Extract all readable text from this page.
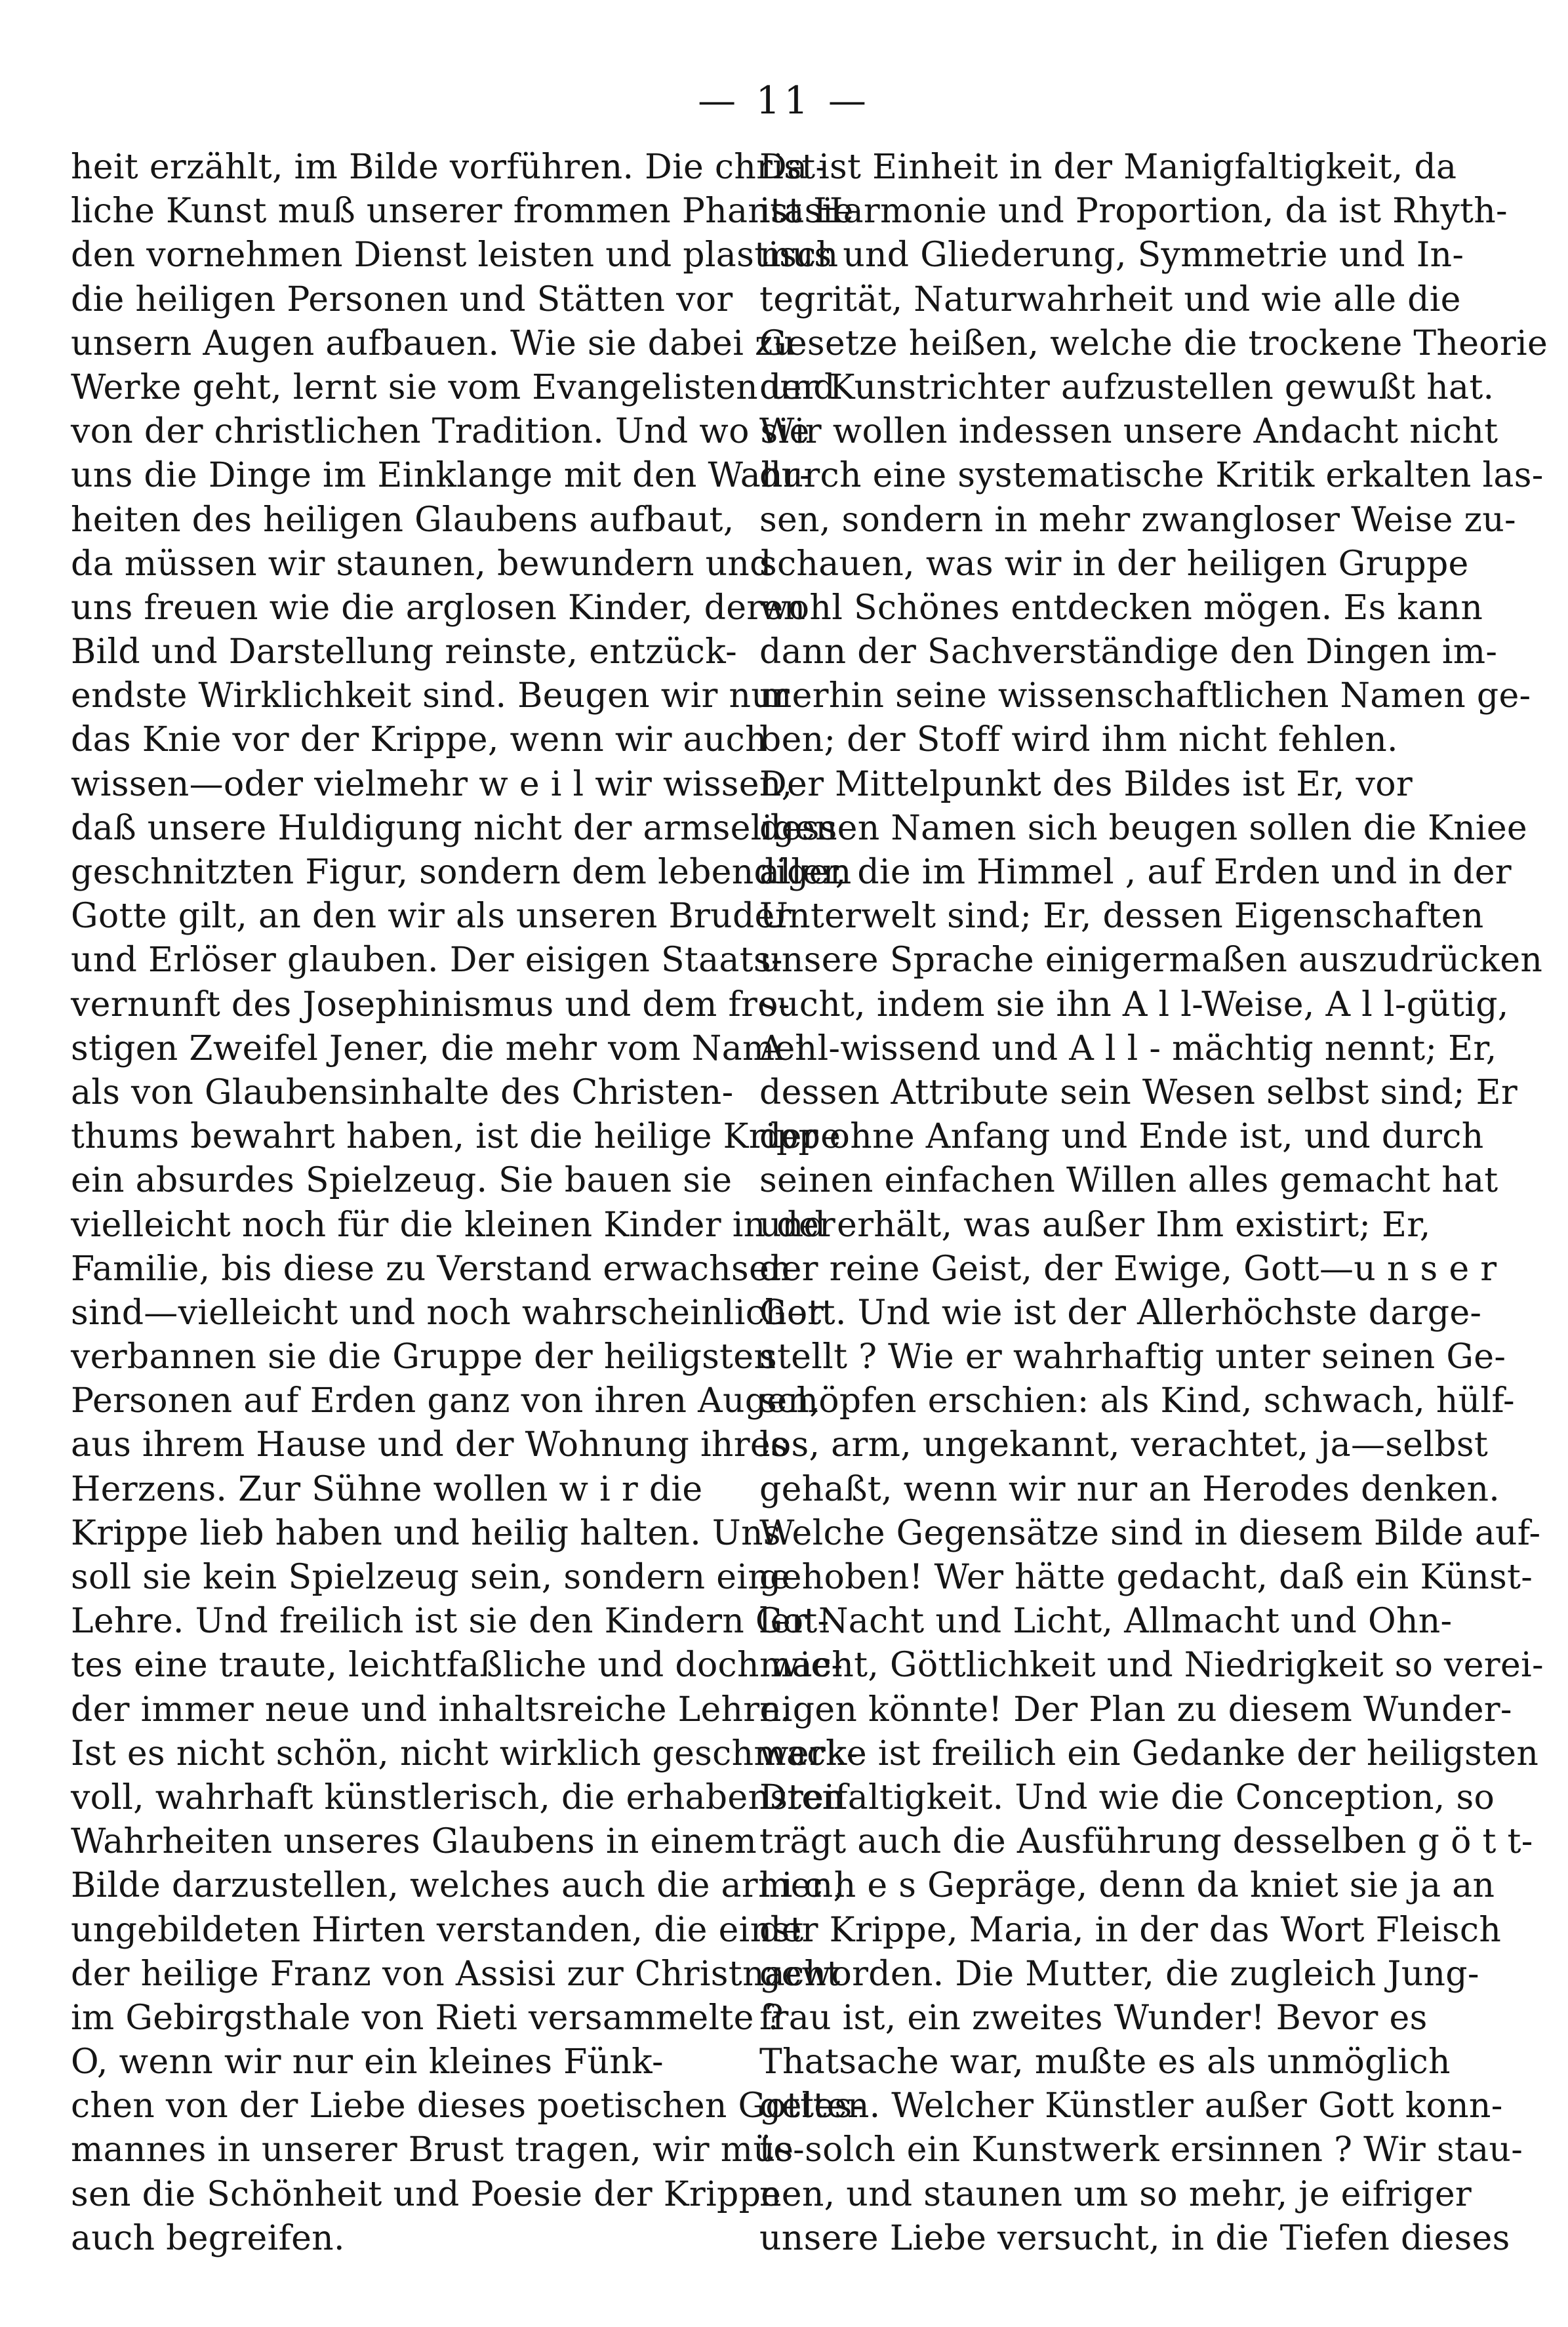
— 11 —
heit erzählt, im Bilde vorführen. Die christ-
liche Kunst muß unserer frommen Phantasie
den vornehmen Dienst leisten und plastisch
die heiligen Personen und Stätten vor
unsern Augen aufbauen. Wie sie dabei zu
Werke geht, lernt sie vom Evangelisten und
von der christlichen Tradition. Und wo sie
uns die Dinge im Einklange mit den Wahr-
heiten des heiligen Glaubens aufbaut,
da müssen wir staunen, bewundern und
uns freuen wie die arglosen Kinder, deren
Bild und Darstellung reinste, entzück-
endste Wirklichkeit sind. Beugen wir nur
das Knie vor der Krippe, wenn wir auch
wissen—oder vielmehr w e i l wir wissen,
daß unsere Huldigung nicht der armseligen
geschnitzten Figur, sondern dem lebendigen
Gotte gilt, an den wir als unseren Bruder
und Erlöser glauben. Der eisigen Staats-
vernunft des Josephinismus und dem fro-
stigen Zweifel Jener, die mehr vom Namen
als von Glaubensinhalte des Christen-
thums bewahrt haben, ist die heilige Krippe
ein absurdes Spielzeug. Sie bauen sie
vielleicht noch für die kleinen Kinder in der
Familie, bis diese zu Verstand erwachsen
sind—vielleicht und noch wahrscheinlicher
verbannen sie die Gruppe der heiligsten
Personen auf Erden ganz von ihren Augen,
aus ihrem Hause und der Wohnung ihres
Herzens. Zur Sühne wollen w i r die
Krippe lieb haben und heilig halten. Uns
soll sie kein Spielzeug sein, sondern eine
Lehre. Und freilich ist sie den Kindern Got-
tes eine traute, leichtfaßliche und doch wie-
der immer neue und inhaltsreiche Lehre.
Ist es nicht schön, nicht wirklich geschmack-
voll, wahrhaft künstlerisch, die erhabensten
Wahrheiten unseres Glaubens in einem
Bilde darzustellen, welches auch die armen,
ungebildeten Hirten verstanden, die einst
der heilige Franz von Assisi zur Christnacht
im Gebirgsthale von Rieti versammelte ?
O, wenn wir nur ein kleines Fünk-
chen von der Liebe dieses poetischen Gottes-
mannes in unserer Brust tragen, wir müs-
sen die Schönheit und Poesie der Krippe
auch begreifen.
Da ist Einheit in der Manigfaltigkeit, da
ist Harmonie und Proportion, da ist Rhyth-
mus und Gliederung, Symmetrie und In-
tegrität, Naturwahrheit und wie alle die
Gesetze heißen, welche die trockene Theorie
der Kunstrichter aufzustellen gewußt hat.
Wir wollen indessen unsere Andacht nicht
durch eine systematische Kritik erkalten las-
sen, sondern in mehr zwangloser Weise zu-
schauen, was wir in der heiligen Gruppe
wohl Schönes entdecken mögen. Es kann
dann der Sachverständige den Dingen im-
merhin seine wissenschaftlichen Namen ge-
ben; der Stoff wird ihm nicht fehlen.
Der Mittelpunkt des Bildes ist Er, vor
dessen Namen sich beugen sollen die Kniee
aller, die im Himmel , auf Erden und in der
Unterwelt sind; Er, dessen Eigenschaften
unsere Sprache einigermaßen auszudrücken
sucht, indem sie ihn A l l-Weise, A l l-gütig,
A l l-wissend und A l l - mächtig nennt; Er,
dessen Attribute sein Wesen selbst sind; Er
der ohne Anfang und Ende ist, und durch
seinen einfachen Willen alles gemacht hat
und erhält, was außer Ihm existirt; Er,
der reine Geist, der Ewige, Gott—u n s e r
Gott. Und wie ist der Allerhöchste darge-
stellt ? Wie er wahrhaftig unter seinen Ge-
schöpfen erschien: als Kind, schwach, hülf-
los, arm, ungekannt, verachtet, ja—selbst
gehaßt, wenn wir nur an Herodes denken.
Welche Gegensätze sind in diesem Bilde auf-
gehoben! Wer hätte gedacht, daß ein Künst-
ler Nacht und Licht, Allmacht und Ohn-
macht, Göttlichkeit und Niedrigkeit so verei-
nigen könnte! Der Plan zu diesem Wunder-
werke ist freilich ein Gedanke der heiligsten
Dreifaltigkeit. Und wie die Conception, so
trägt auch die Ausführung desselben g ö t t-
l i c h e s Gepräge, denn da kniet sie ja an
der Krippe, Maria, in der das Wort Fleisch
geworden. Die Mutter, die zugleich Jung-
frau ist, ein zweites Wunder! Bevor es
Thatsache war, mußte es als unmöglich
gelten. Welcher Künstler außer Gott konn-
te solch ein Kunstwerk ersinnen ? Wir stau-
nen, und staunen um so mehr, je eifriger
unsere Liebe versucht, in die Tiefen dieses
